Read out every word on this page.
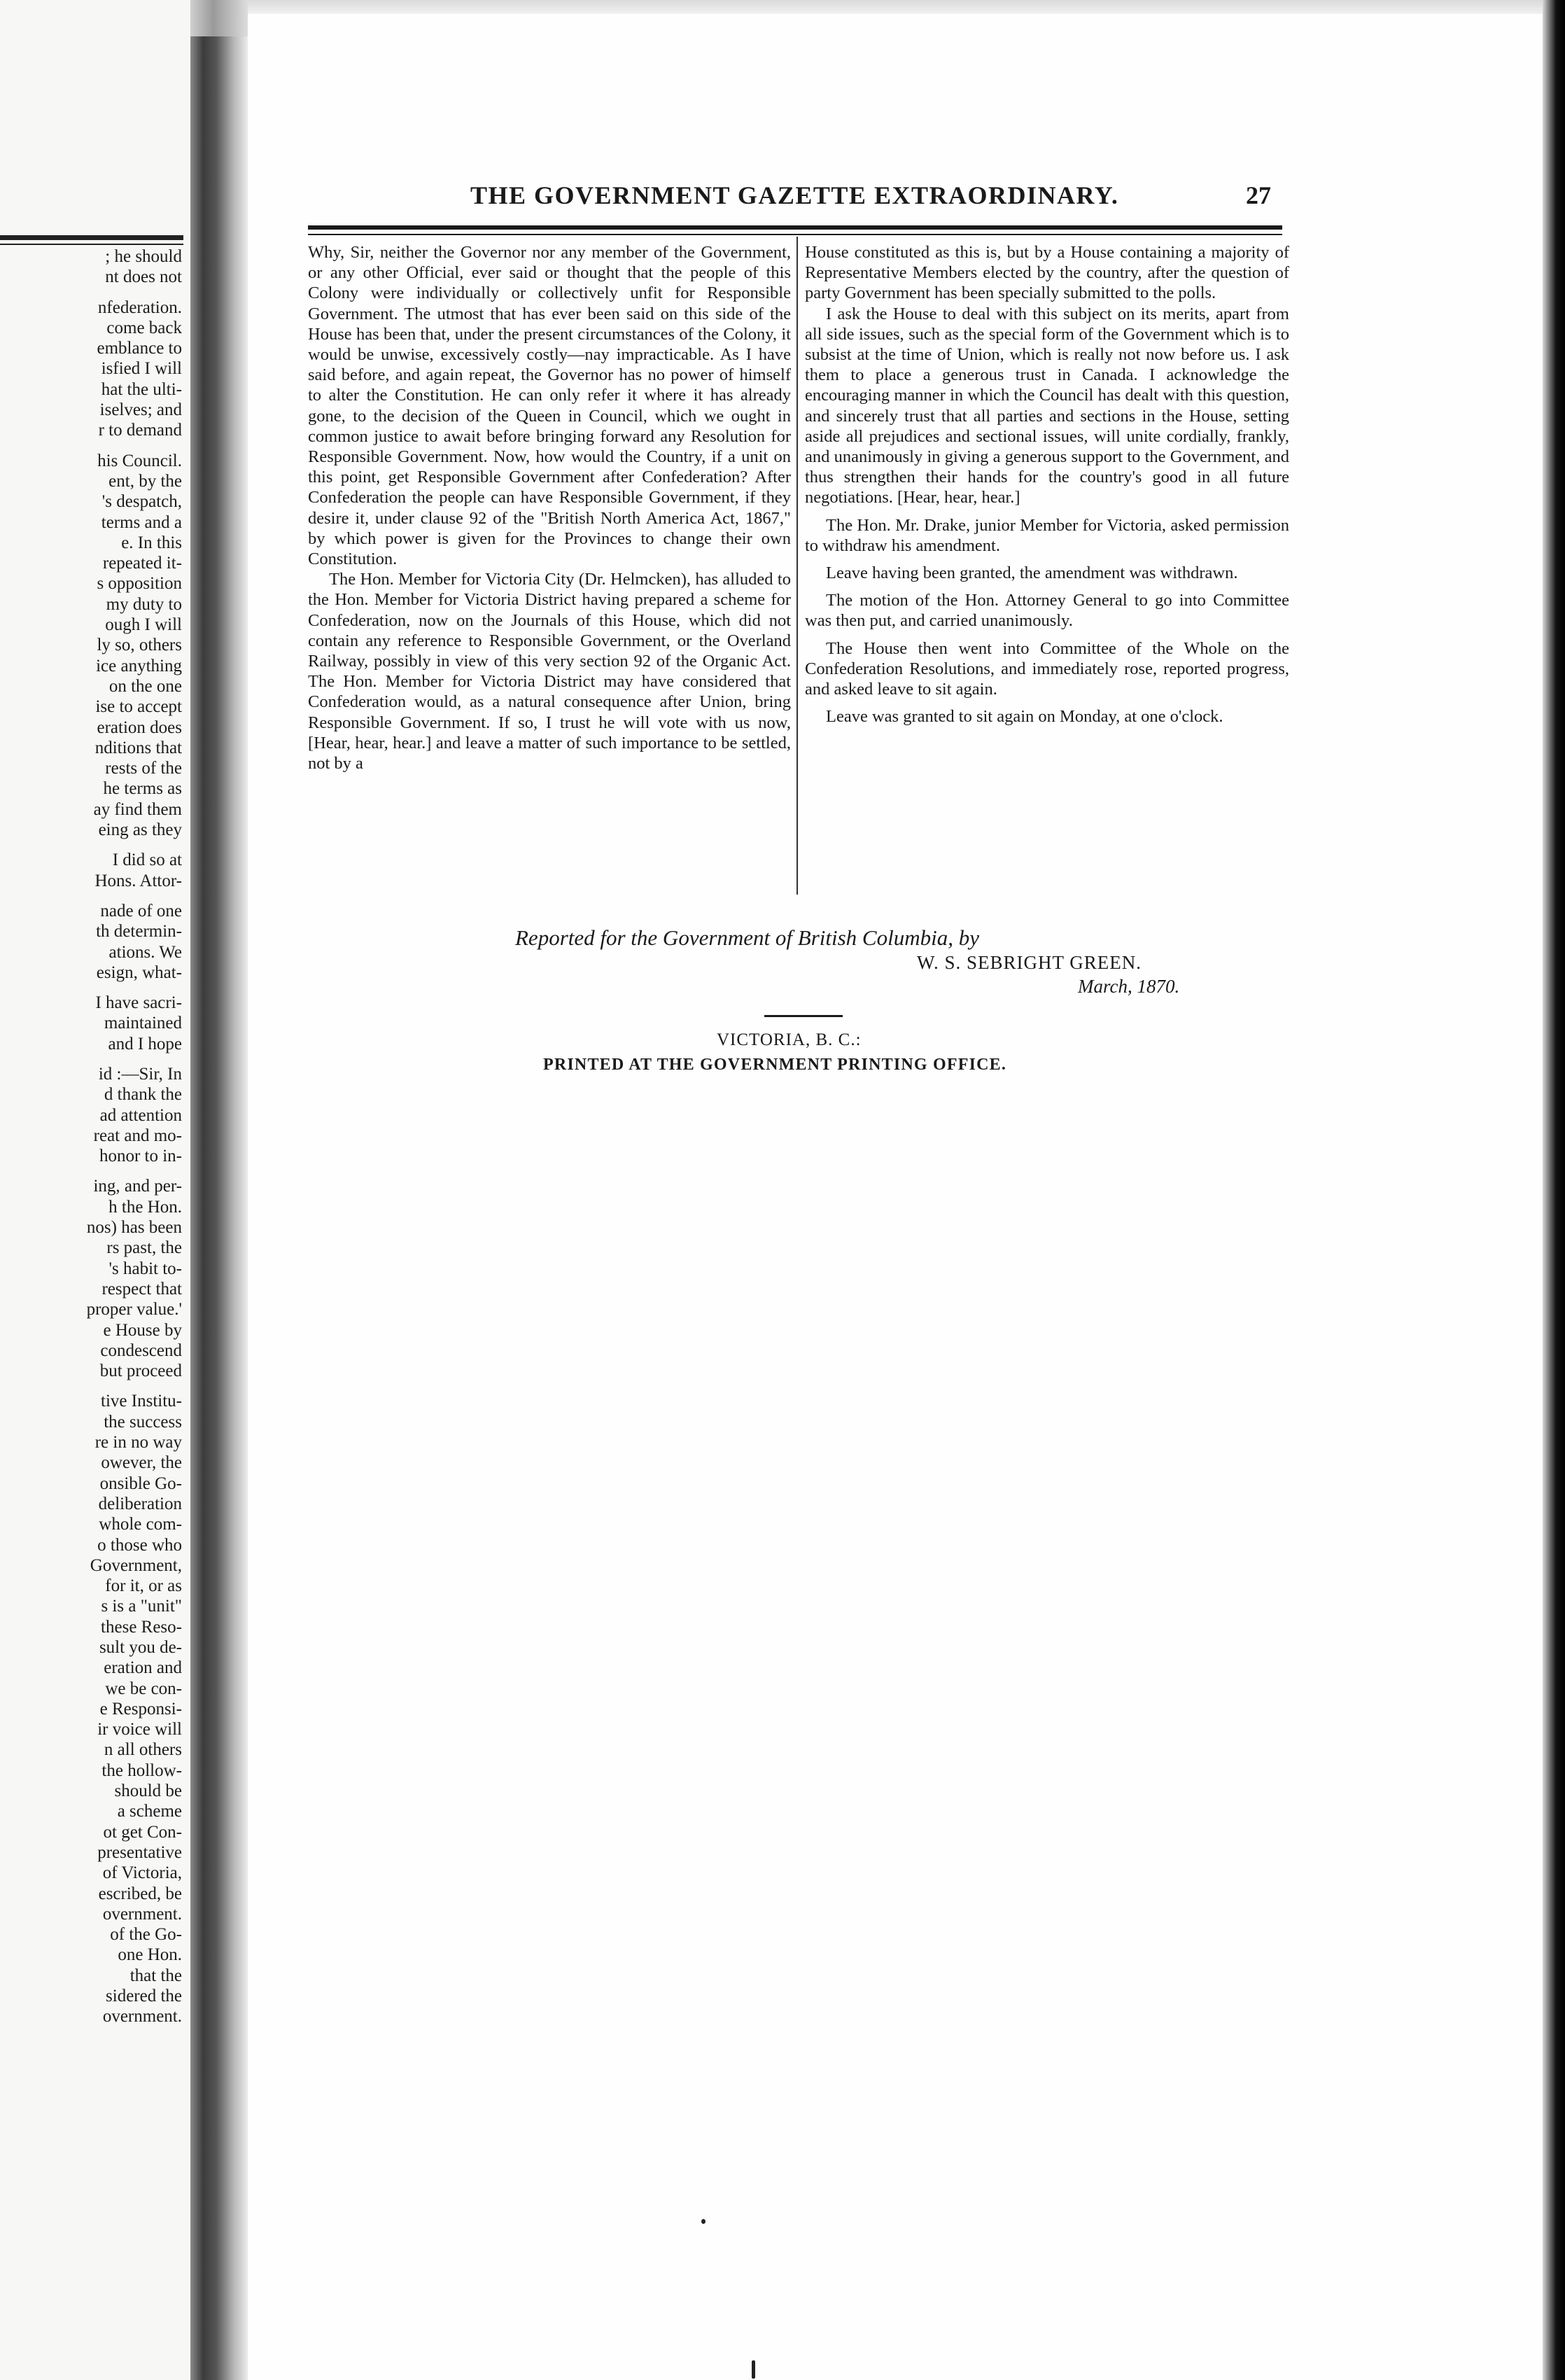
; he should
nt does not
nfederation.
come back
emblance to
isfied I will
hat the ulti-
iselves; and
r to demand
his Council.
ent, by the
's despatch,
terms and a
e. In this
repeated it-
s opposition
my duty to
ough I will
ly so, others
ice anything
on the one
ise to accept
eration does
nditions that
rests of the
he terms as
ay find them
eing as they
I did so at
Hons. Attor-
nade of one
th determin-
ations. We
esign, what-
I have sacri-
maintained
and I hope
id :—Sir, In
d thank the
ad attention
reat and mo-
honor to in-
ing, and per-
h the Hon.
nos) has been
rs past, the
's habit to-
respect that
proper value.'
e House by
condescend
but proceed
tive Institu-
the success
re in no way
owever, the
onsible Go-
deliberation
whole com-
o those who
Government,
for it, or as
s is a "unit"
these Reso-
sult you de-
eration and
we be con-
e Responsi-
ir voice will
n all others
the hollow-
should be
a scheme
ot get Con-
presentative
of Victoria,
escribed, be
overnment.
of the Go-
one Hon.
that the
sidered the
overnment.
THE GOVERNMENT GAZETTE EXTRAORDINARY.	27

Why, Sir, neither the Governor nor any member of the Government, or any other Official, ever said or thought that the people of this Colony were individually or collectively unfit for Responsible Government. The utmost that has ever been said on this side of the House has been that, under the present circumstances of the Colony, it would be unwise, excessively costly—nay impracticable. As I have said before, and again repeat, the Governor has no power of himself to alter the Constitution. He can only refer it where it has already gone, to the decision of the Queen in Council, which we ought in common justice to await before bringing forward any Resolution for Responsible Government. Now, how would the Country, if a unit on this point, get Responsible Government after Confederation? After Confederation the people can have Responsible Government, if they desire it, under clause 92 of the "British North America Act, 1867," by which power is given for the Provinces to change their own Constitution.

The Hon. Member for Victoria City (Dr. Helmcken), has alluded to the Hon. Member for Victoria District having prepared a scheme for Confederation, now on the Journals of this House, which did not contain any reference to Responsible Government, or the Overland Railway, possibly in view of this very section 92 of the Organic Act. The Hon. Member for Victoria District may have considered that Confederation would, as a natural consequence after Union, bring Responsible Government. If so, I trust he will vote with us now, [Hear, hear, hear.] and leave a matter of such importance to be settled, not by a

House constituted as this is, but by a House containing a majority of Representative Members elected by the country, after the question of party Government has been specially submitted to the polls.

I ask the House to deal with this subject on its merits, apart from all side issues, such as the special form of the Government which is to subsist at the time of Union, which is really not now before us. I ask them to place a generous trust in Canada. I acknowledge the encouraging manner in which the Council has dealt with this question, and sincerely trust that all parties and sections in the House, setting aside all prejudices and sectional issues, will unite cordially, frankly, and unanimously in giving a generous support to the Government, and thus strengthen their hands for the country's good in all future negotiations. [Hear, hear, hear.]

The Hon. Mr. Drake, junior Member for Victoria, asked permission to withdraw his amendment.

Leave having been granted, the amendment was withdrawn.

The motion of the Hon. Attorney General to go into Committee was then put, and carried unanimously.

The House then went into Committee of the Whole on the Confederation Resolutions, and immediately rose, reported progress, and asked leave to sit again.

Leave was granted to sit again on Monday, at one o'clock.

Reported for the Government of British Columbia, by
W. S. SEBRIGHT GREEN.
March, 1870.
VICTORIA, B. C.:
PRINTED AT THE GOVERNMENT PRINTING OFFICE.
